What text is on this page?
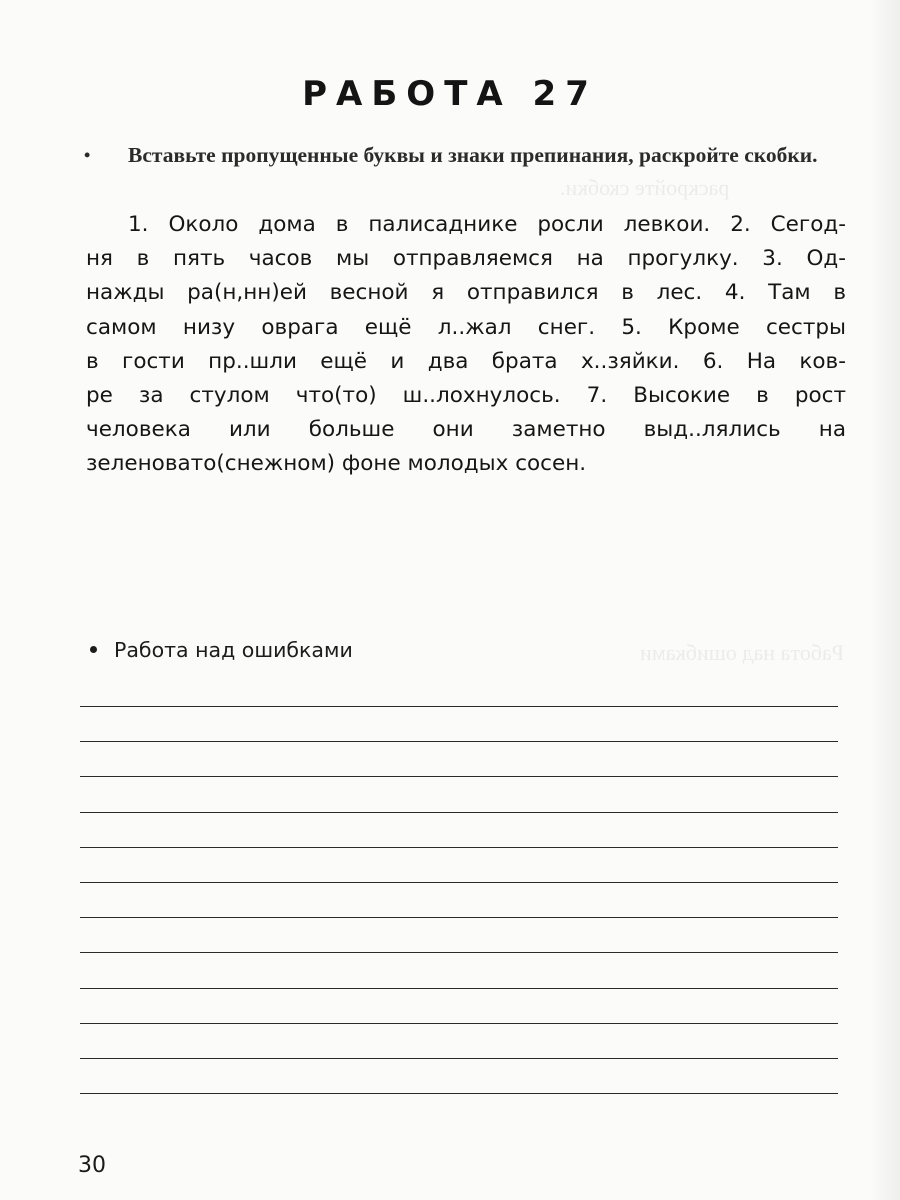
раскройте скобки.
Работа над ошибками
РАБОТА 27
•	Вставьте пропущенные буквы и знаки препинания, раскройте скобки.
1. Около дома в палисаднике росли левкои. 2. Сегод-
ня в пять часов мы отправляемся на прогулку. 3. Од-
нажды ра(н,нн)ей весной я отправился в лес. 4. Там в
самом низу оврага ещё л..жал снег. 5. Кроме сестры
в гости пр..шли ещё и два брата х..зяйки. 6. На ков-
ре за стулом что(то) ш..лохнулось. 7. Высокие в рост
человека или больше они заметно выд..лялись на
зеленовато(снежном) фоне молодых сосен.
Работа над ошибками
30
